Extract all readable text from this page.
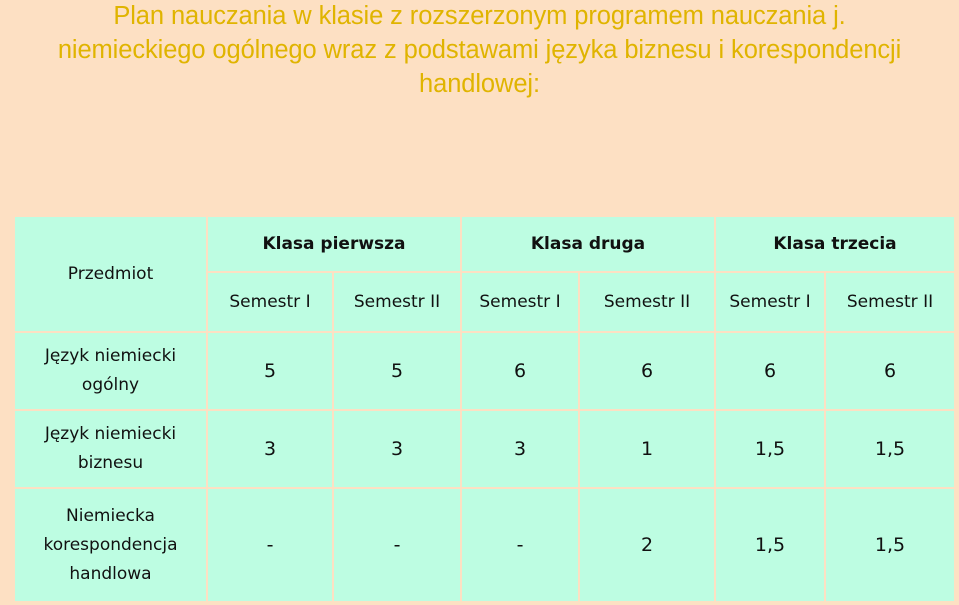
Plan nauczania w klasie z rozszerzonym programem nauczania j.
niemieckiego ogólnego wraz z podstawami języka biznesu i korespondencji
handlowej:
Przedmiot	Klasa pierwsza		Klasa druga		Klasa trzecia	
	Semestr I	Semestr II	Semestr I	Semestr II	Semestr I	Semestr II
Język niemiecki
ogólny	5	5	6	6	6	6
Język niemiecki
biznesu	3	3	3	1	1,5	1,5
Niemiecka
korespondencja
handlowa	-	-	-	2	1,5	1,5
